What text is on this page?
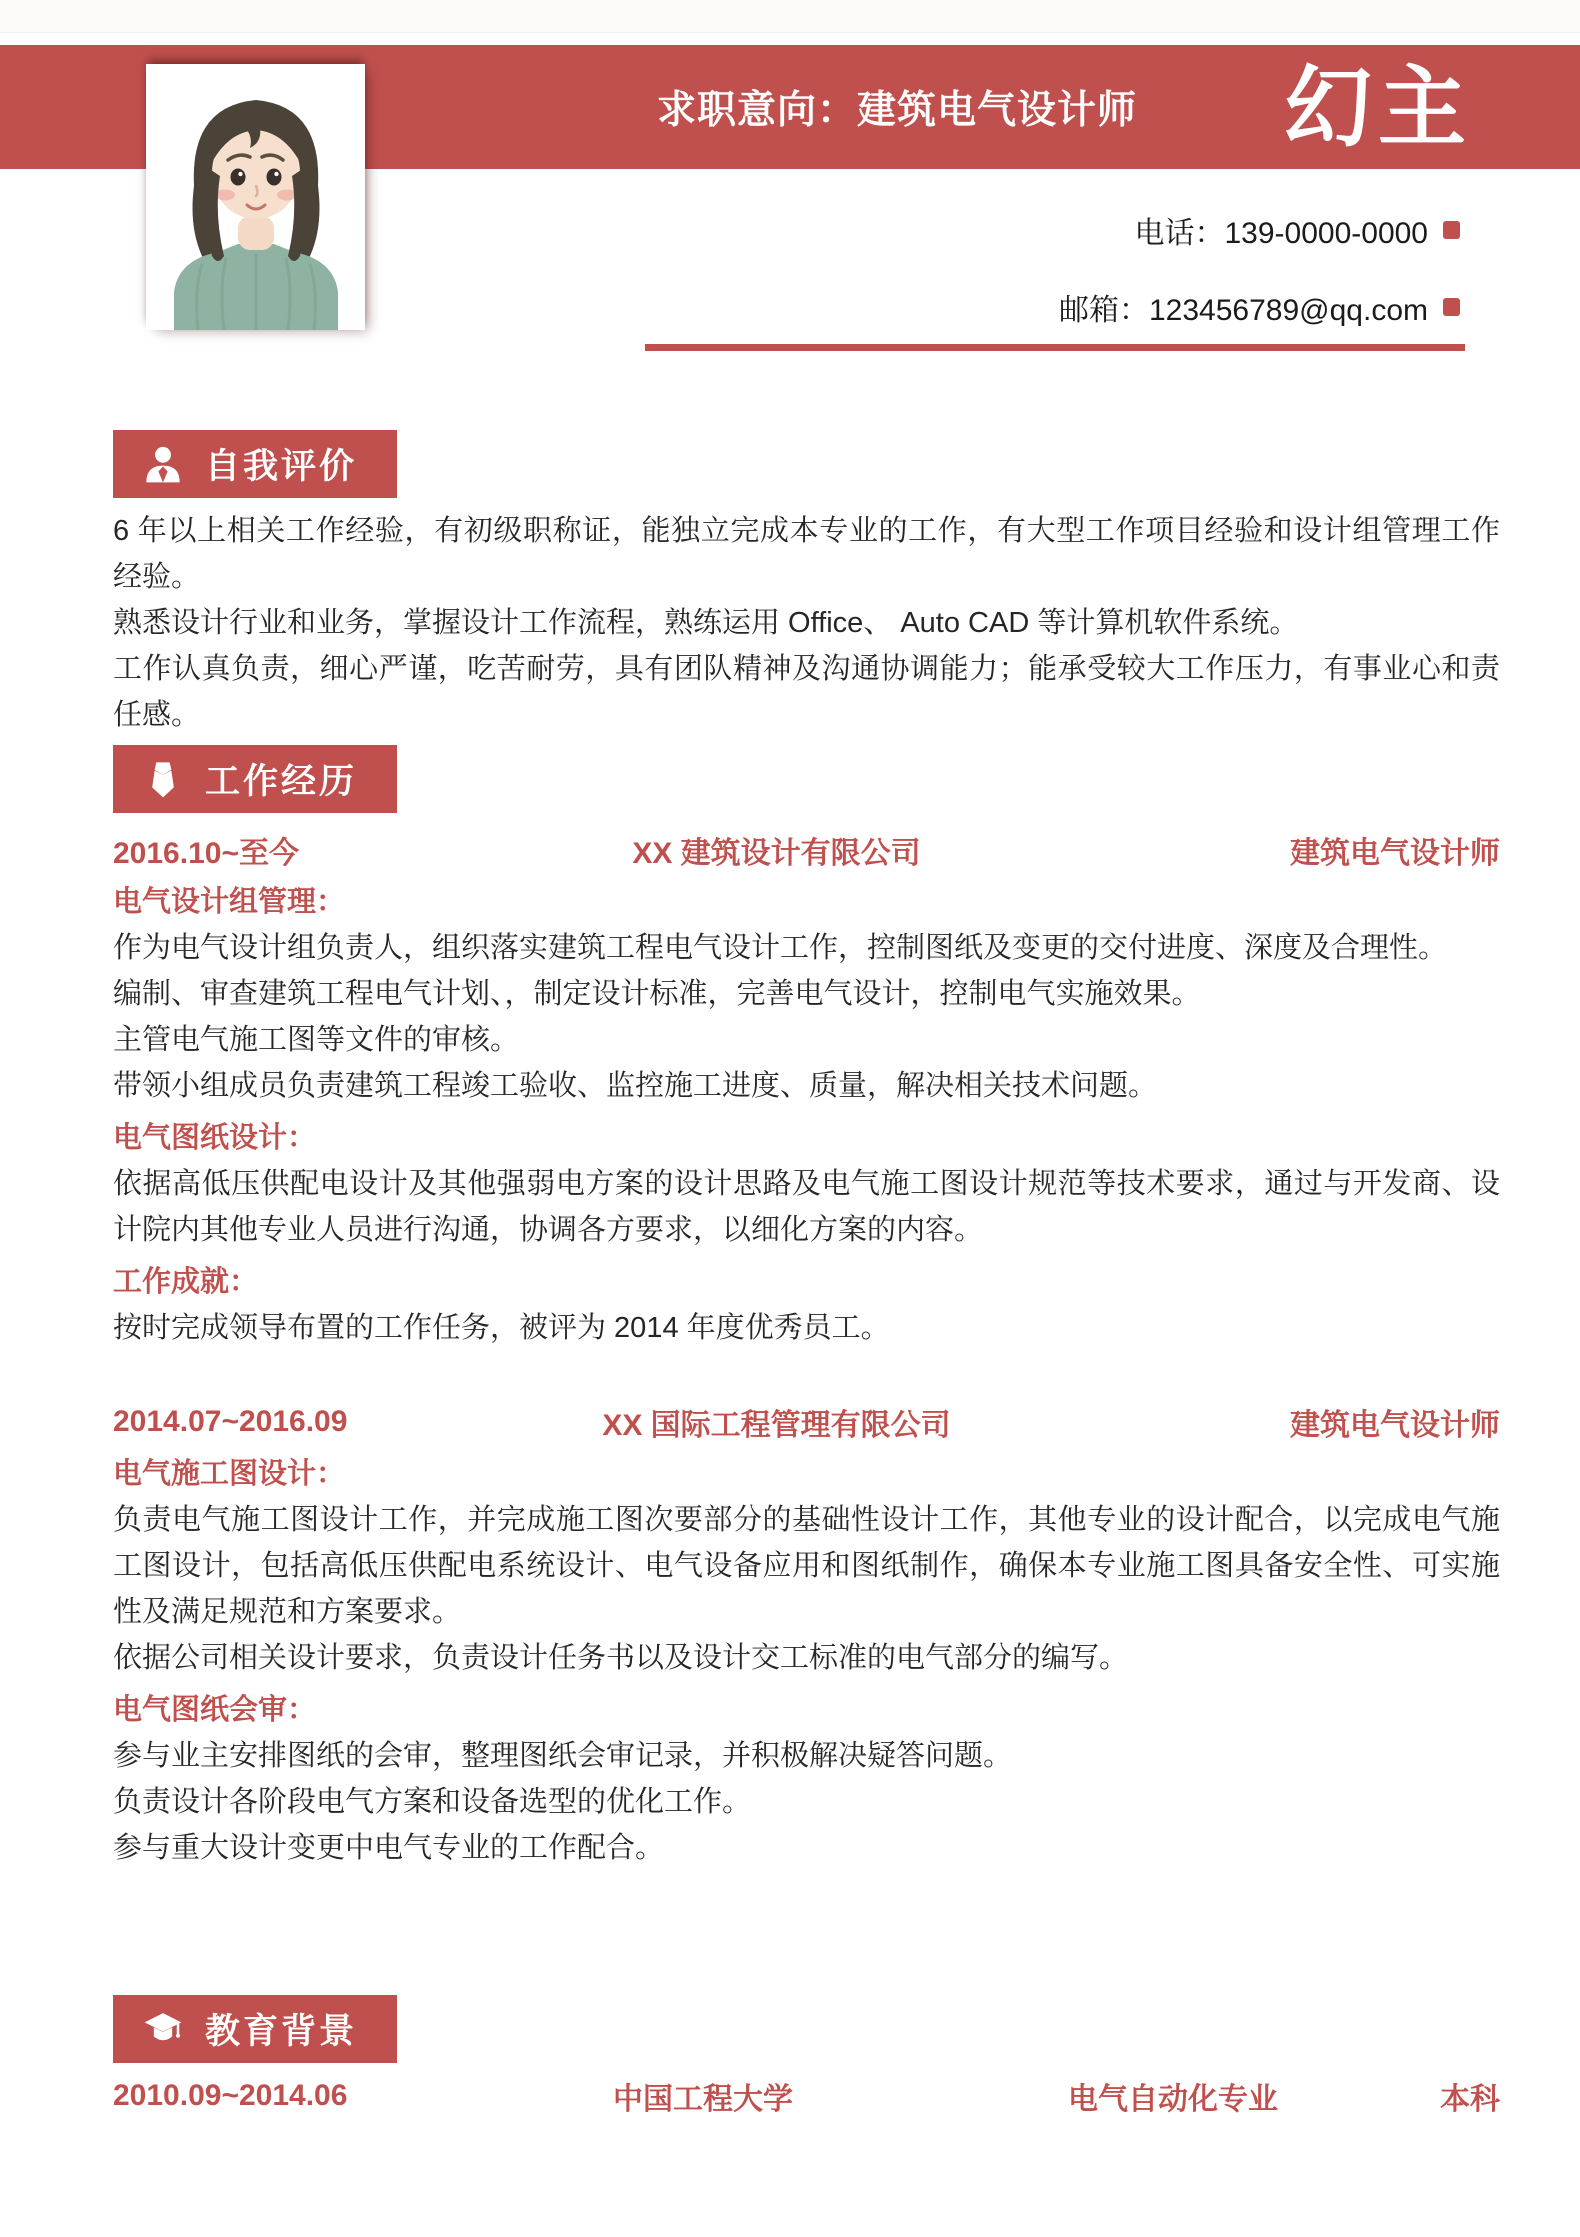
求职意向：建筑电气设计师 幻主
电话：139-0000-0000
邮箱：123456789@qq.com
自我评价
6 年以上相关工作经验，有初级职称证，能独立完成本专业的工作，有大型工作项目经验和设计组管理工作经验。
熟悉设计行业和业务，掌握设计工作流程，熟练运用 Office、 Auto CAD 等计算机软件系统。
工作认真负责，细心严谨，吃苦耐劳，具有团队精神及沟通协调能力；能承受较大工作压力，有事业心和责任感。
工作经历
2016.10~至今	XX 建筑设计有限公司	建筑电气设计师
电气设计组管理：
作为电气设计组负责人，组织落实建筑工程电气设计工作，控制图纸及变更的交付进度、深度及合理性。
编制、审查建筑工程电气计划、，制定设计标准，完善电气设计，控制电气实施效果。
主管电气施工图等文件的审核。
带领小组成员负责建筑工程竣工验收、监控施工进度、质量，解决相关技术问题。
电气图纸设计：
依据高低压供配电设计及其他强弱电方案的设计思路及电气施工图设计规范等技术要求，通过与开发商、设计院内其他专业人员进行沟通，协调各方要求，以细化方案的内容。
工作成就：
按时完成领导布置的工作任务，被评为 2014 年度优秀员工。
2014.07~2016.09	XX 国际工程管理有限公司	建筑电气设计师
电气施工图设计：
负责电气施工图设计工作，并完成施工图次要部分的基础性设计工作，其他专业的设计配合，以完成电气施工图设计，包括高低压供配电系统设计、电气设备应用和图纸制作，确保本专业施工图具备安全性、可实施性及满足规范和方案要求。
依据公司相关设计要求，负责设计任务书以及设计交工标准的电气部分的编写。
电气图纸会审：
参与业主安排图纸的会审，整理图纸会审记录，并积极解决疑答问题。
负责设计各阶段电气方案和设备选型的优化工作。
参与重大设计变更中电气专业的工作配合。
教育背景
2010.09~2014.06	中国工程大学	电气自动化专业	本科
